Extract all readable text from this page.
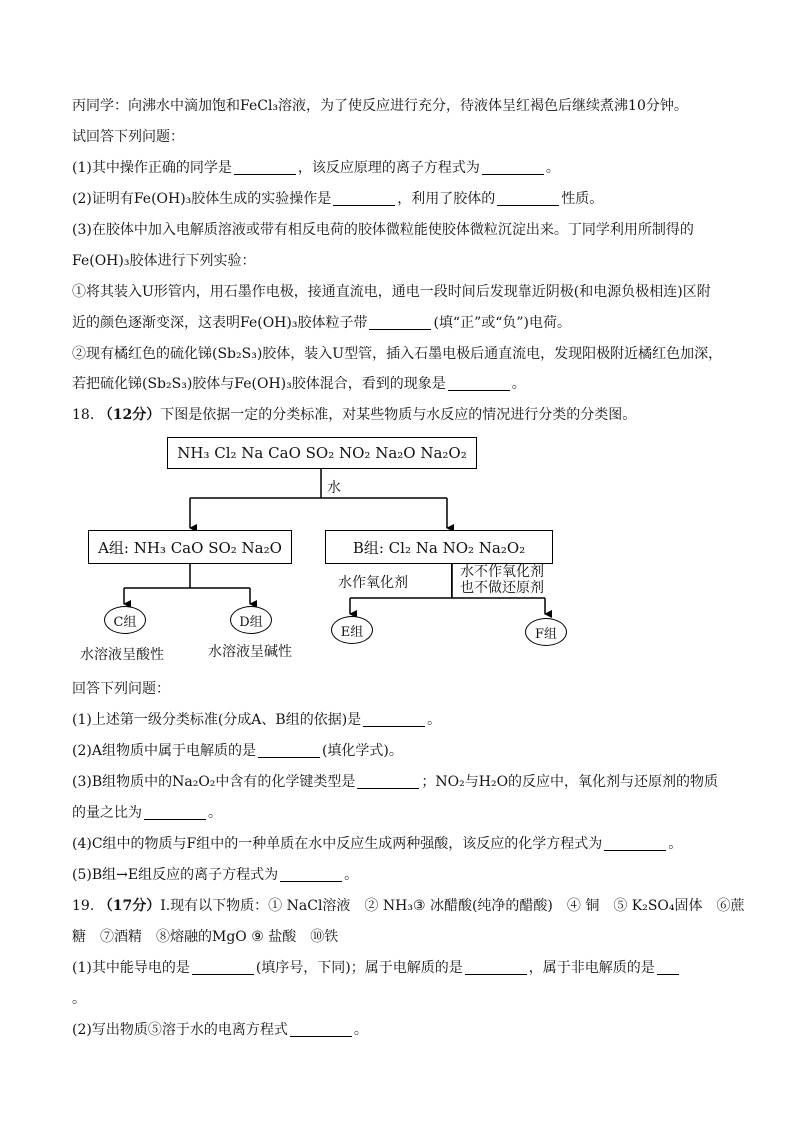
丙同学：向沸水中滴加饱和FeCl₃溶液，为了使反应进行充分，待液体呈红褐色后继续煮沸10分钟。
试回答下列问题：
(1)其中操作正确的同学是	，该反应原理的离子方程式为	。
(2)证明有Fe(OH)₃胶体生成的实验操作是	，利用了胶体的	性质。
(3)在胶体中加入电解质溶液或带有相反电荷的胶体微粒能使胶体微粒沉淀出来。丁同学利用所制得的
Fe(OH)₃胶体进行下列实验：
①将其装入U形管内，用石墨作电极，接通直流电，通电一段时间后发现靠近阴极(和电源负极相连)区附
近的颜色逐渐变深，这表明Fe(OH)₃胶体粒子带	(填“正”或“负”)电荷。
②现有橘红色的硫化锑(Sb₂S₃)胶体，装入U型管，插入石墨电极后通直流电，发现阳极附近橘红色加深，
若把硫化锑(Sb₂S₃)胶体与Fe(OH)₃胶体混合，看到的现象是	。
18. （12分）下图是依据一定的分类标准，对某些物质与水反应的情况进行分类的分类图。
NH₃ Cl₂ Na CaO SO₂ NO₂ Na₂O Na₂O₂
水
A组: NH₃ CaO SO₂ Na₂O	B组: Cl₂ Na NO₂ Na₂O₂
水作氧化剂
水不作氧化剂
也不做还原剂
C组	D组
E组	F组
水溶液呈酸性	水溶液呈碱性
回答下列问题：
(1)上述第一级分类标准(分成A、B组的依据)是	。
(2)A组物质中属于电解质的是	(填化学式)。
(3)B组物质中的Na₂O₂中含有的化学键类型是	；NO₂与H₂O的反应中，氧化剂与还原剂的物质
的量之比为	。
(4)C组中的物质与F组中的一种单质在水中反应生成两种强酸，该反应的化学方程式为	。
(5)B组→E组反应的离子方程式为	。
19. （17分）Ⅰ.现有以下物质：① NaCl溶液　② NH₃③ 冰醋酸(纯净的醋酸)　④ 铜　⑤ K₂SO₄固体　⑥蔗
糖　⑦酒精　⑧熔融的MgO ⑨ 盐酸　⑩铁
(1)其中能导电的是	(填序号，下同)；属于电解质的是	，属于非电解质的是
。
(2)写出物质⑤溶于水的电离方程式	。
